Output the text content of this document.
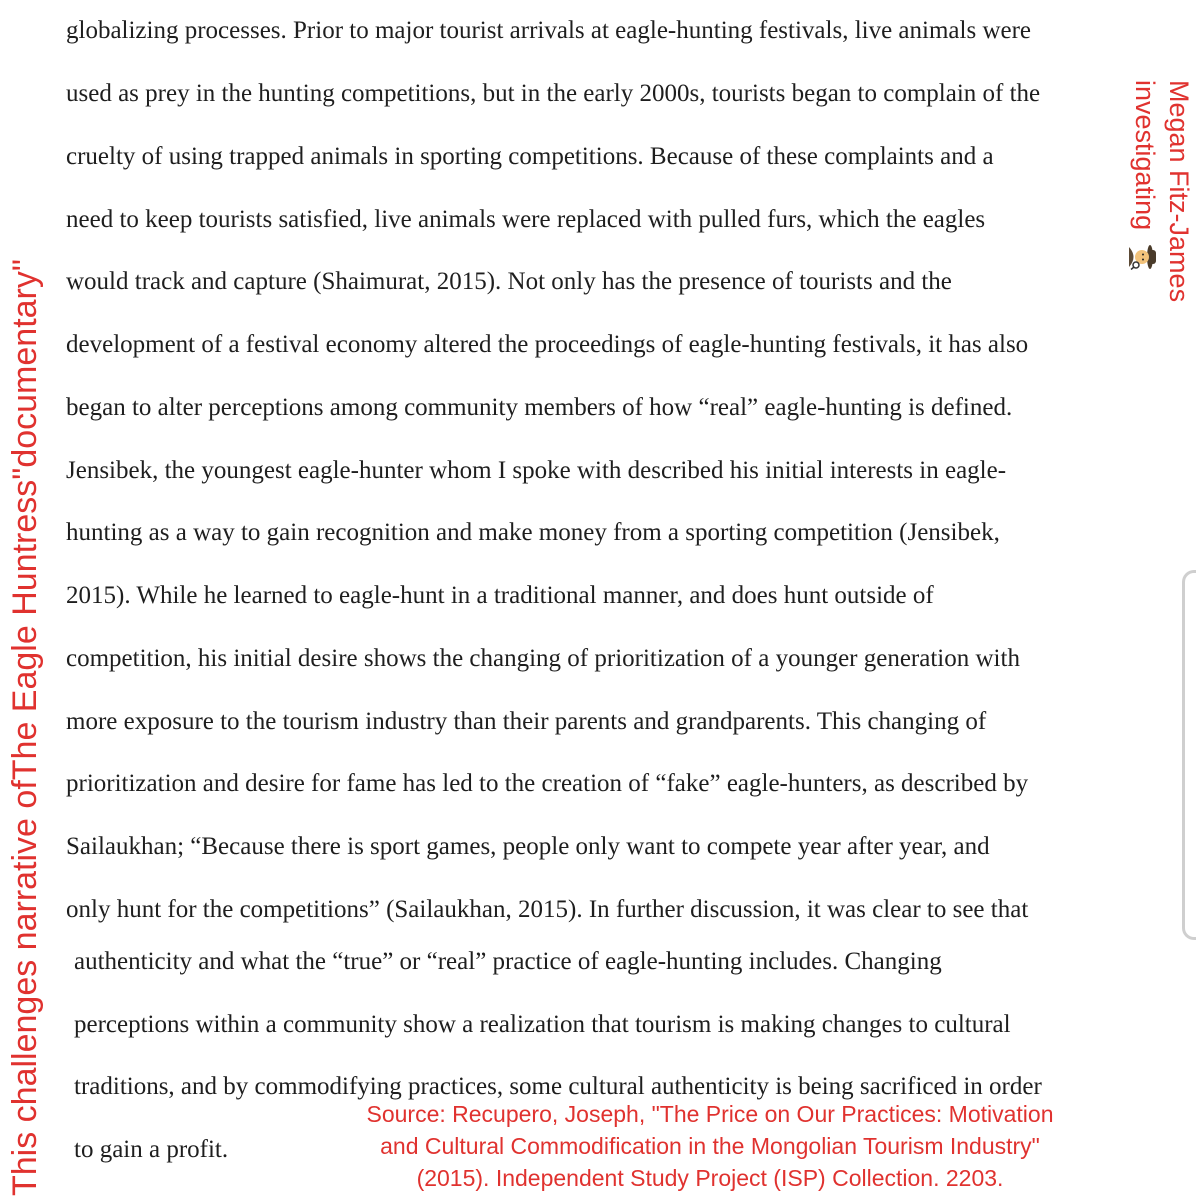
globalizing processes. Prior to major tourist arrivals at eagle-hunting festivals, live animals were
used as prey in the hunting competitions, but in the early 2000s, tourists began to complain of the
cruelty of using trapped animals in sporting competitions. Because of these complaints and a
need to keep tourists satisfied, live animals were replaced with pulled furs, which the eagles
would track and capture (Shaimurat, 2015). Not only has the presence of tourists and the
development of a festival economy altered the proceedings of eagle-hunting festivals, it has also
began to alter perceptions among community members of how “real” eagle-hunting is defined.
Jensibek, the youngest eagle-hunter whom I spoke with described his initial interests in eagle-
hunting as a way to gain recognition and make money from a sporting competition (Jensibek,
2015). While he learned to eagle-hunt in a traditional manner, and does hunt outside of
competition, his initial desire shows the changing of prioritization of a younger generation with
more exposure to the tourism industry than their parents and grandparents. This changing of
prioritization and desire for fame has led to the creation of “fake” eagle-hunters, as described by
Sailaukhan; “Because there is sport games, people only want to compete year after year, and
only hunt for the competitions” (Sailaukhan, 2015). In further discussion, it was clear to see that
authenticity and what the “true” or “real” practice of eagle-hunting includes. Changing
perceptions within a community show a realization that tourism is making changes to cultural
traditions, and by commodifying practices, some cultural authenticity is being sacrificed in order
to gain a profit.
This challenges narrative ofThe Eagle Huntress"documentary"
Megan Fitz-James
investigating
Source: Recupero, Joseph, "The Price on Our Practices: Motivation
and Cultural Commodification in the Mongolian Tourism Industry"
(2015). Independent Study Project (ISP) Collection. 2203.
